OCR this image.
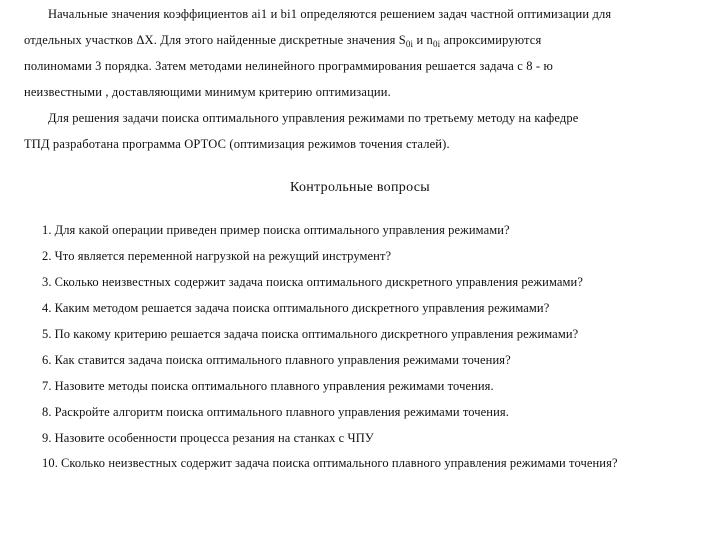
Начальные значения коэффициентов ai1 и bi1 определяются решением задач частной оптимизации для
отдельных участков ΔX. Для этого найденные дискретные значения $S_{0i}$ и $n_{0i}$ апроксимируются
полиномами 3 порядка. Затем методами нелинейного программирования решается задача с 8 - ю
неизвестными , доставляющими минимум критерию оптимизации.
Для решения задачи поиска оптимального управления режимами по третьему методу на кафедре
ТПД разработана программа ОРТОС (оптимизация режимов точения сталей).
Контрольные вопросы
1. Для какой операции приведен пример поиска оптимального управления режимами?
2. Что является переменной нагрузкой на режущий инструмент?
3. Сколько неизвестных содержит задача поиска оптимального дискретного управления режимами?
4. Каким методом решается задача поиска оптимального дискретного управления режимами?
5. По какому критерию решается задача поиска оптимального дискретного управления режимами?
6. Как ставится задача поиска оптимального плавного управления режимами точения?
7. Назовите методы поиска оптимального плавного управления режимами точения.
8. Раскройте алгоритм поиска оптимального плавного управления режимами точения.
9. Назовите особенности процесса резания на станках с ЧПУ
10. Сколько неизвестных содержит задача поиска оптимального плавного управления режимами точения?
